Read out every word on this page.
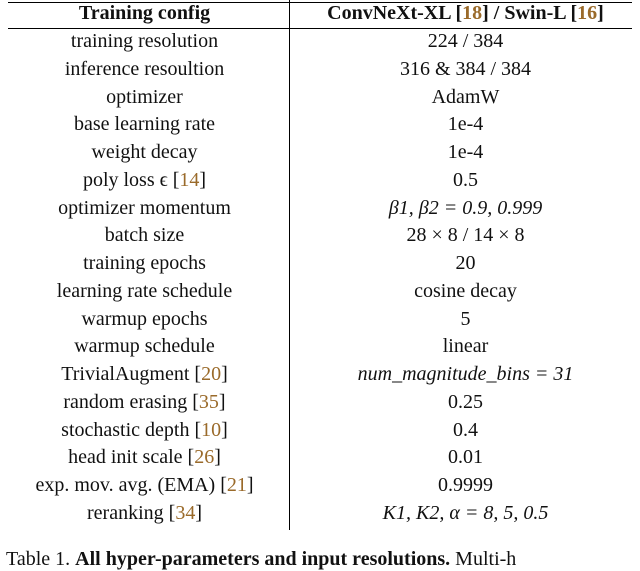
Training config	ConvNeXt-XL [18] / Swin-L [16]
training resolution	224 / 384
inference resoultion	316 & 384 / 384
optimizer	AdamW
base learning rate	1e-4
weight decay	1e-4
poly loss ϵ [14]	0.5
optimizer momentum	β1, β2 = 0.9, 0.999
batch size	28 × 8 / 14 × 8
training epochs	20
learning rate schedule	cosine decay
warmup epochs	5
warmup schedule	linear
TrivialAugment [20]	num_magnitude_bins = 31
random erasing [35]	0.25
stochastic depth [10]	0.4
head init scale [26]	0.01
exp. mov. avg. (EMA) [21]	0.9999
reranking [34]	K1, K2, α = 8, 5, 0.5
Table 1. All hyper-parameters and input resolutions. Multi-h
